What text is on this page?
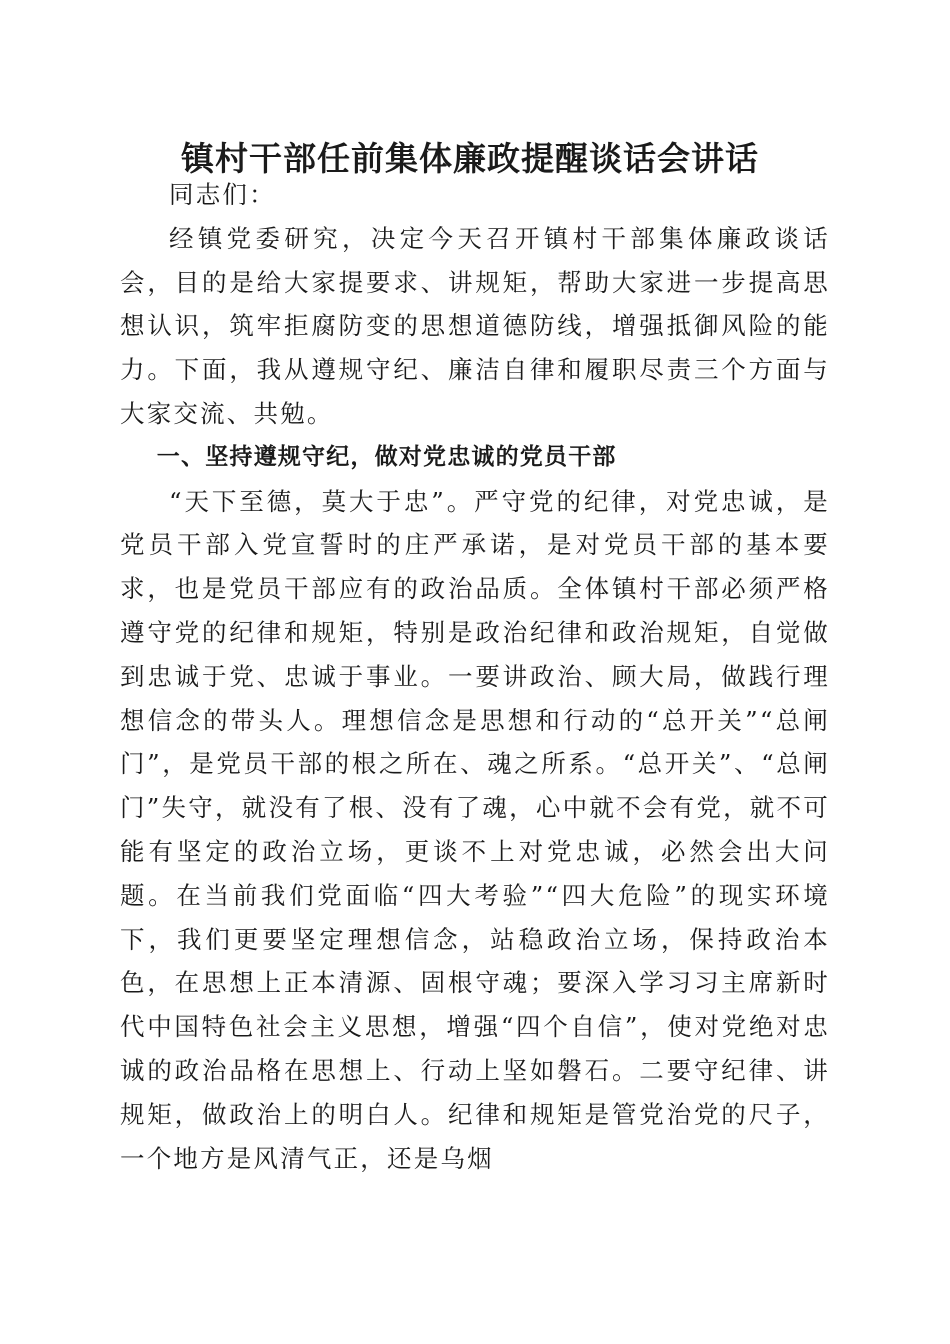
镇村干部任前集体廉政提醒谈话会讲话

同志们：

经镇党委研究，决定今天召开镇村干部集体廉政谈话会，目的是给大家提要求、讲规矩，帮助大家进一步提高思想认识，筑牢拒腐防变的思想道德防线，增强抵御风险的能力。下面，我从遵规守纪、廉洁自律和履职尽责三个方面与大家交流、共勉。

一、坚持遵规守纪，做对党忠诚的党员干部

“天下至德，莫大于忠”。严守党的纪律，对党忠诚，是党员干部入党宣誓时的庄严承诺，是对党员干部的基本要求，也是党员干部应有的政治品质。全体镇村干部必须严格遵守党的纪律和规矩，特别是政治纪律和政治规矩，自觉做到忠诚于党、忠诚于事业。一要讲政治、顾大局，做践行理想信念的带头人。理想信念是思想和行动的“总开关”“总闸门”，是党员干部的根之所在、魂之所系。“总开关”、“总闸门”失守，就没有了根、没有了魂，心中就不会有党，就不可能有坚定的政治立场，更谈不上对党忠诚，必然会出大问题。在当前我们党面临“四大考验”“四大危险”的现实环境下，我们更要坚定理想信念，站稳政治立场，保持政治本色，在思想上正本清源、固根守魂；要深入学习习主席新时代中国特色社会主义思想，增强“四个自信”，使对党绝对忠诚的政治品格在思想上、行动上坚如磐石。二要守纪律、讲规矩，做政治上的明白人。纪律和规矩是管党治党的尺子，一个地方是风清气正，还是乌烟
